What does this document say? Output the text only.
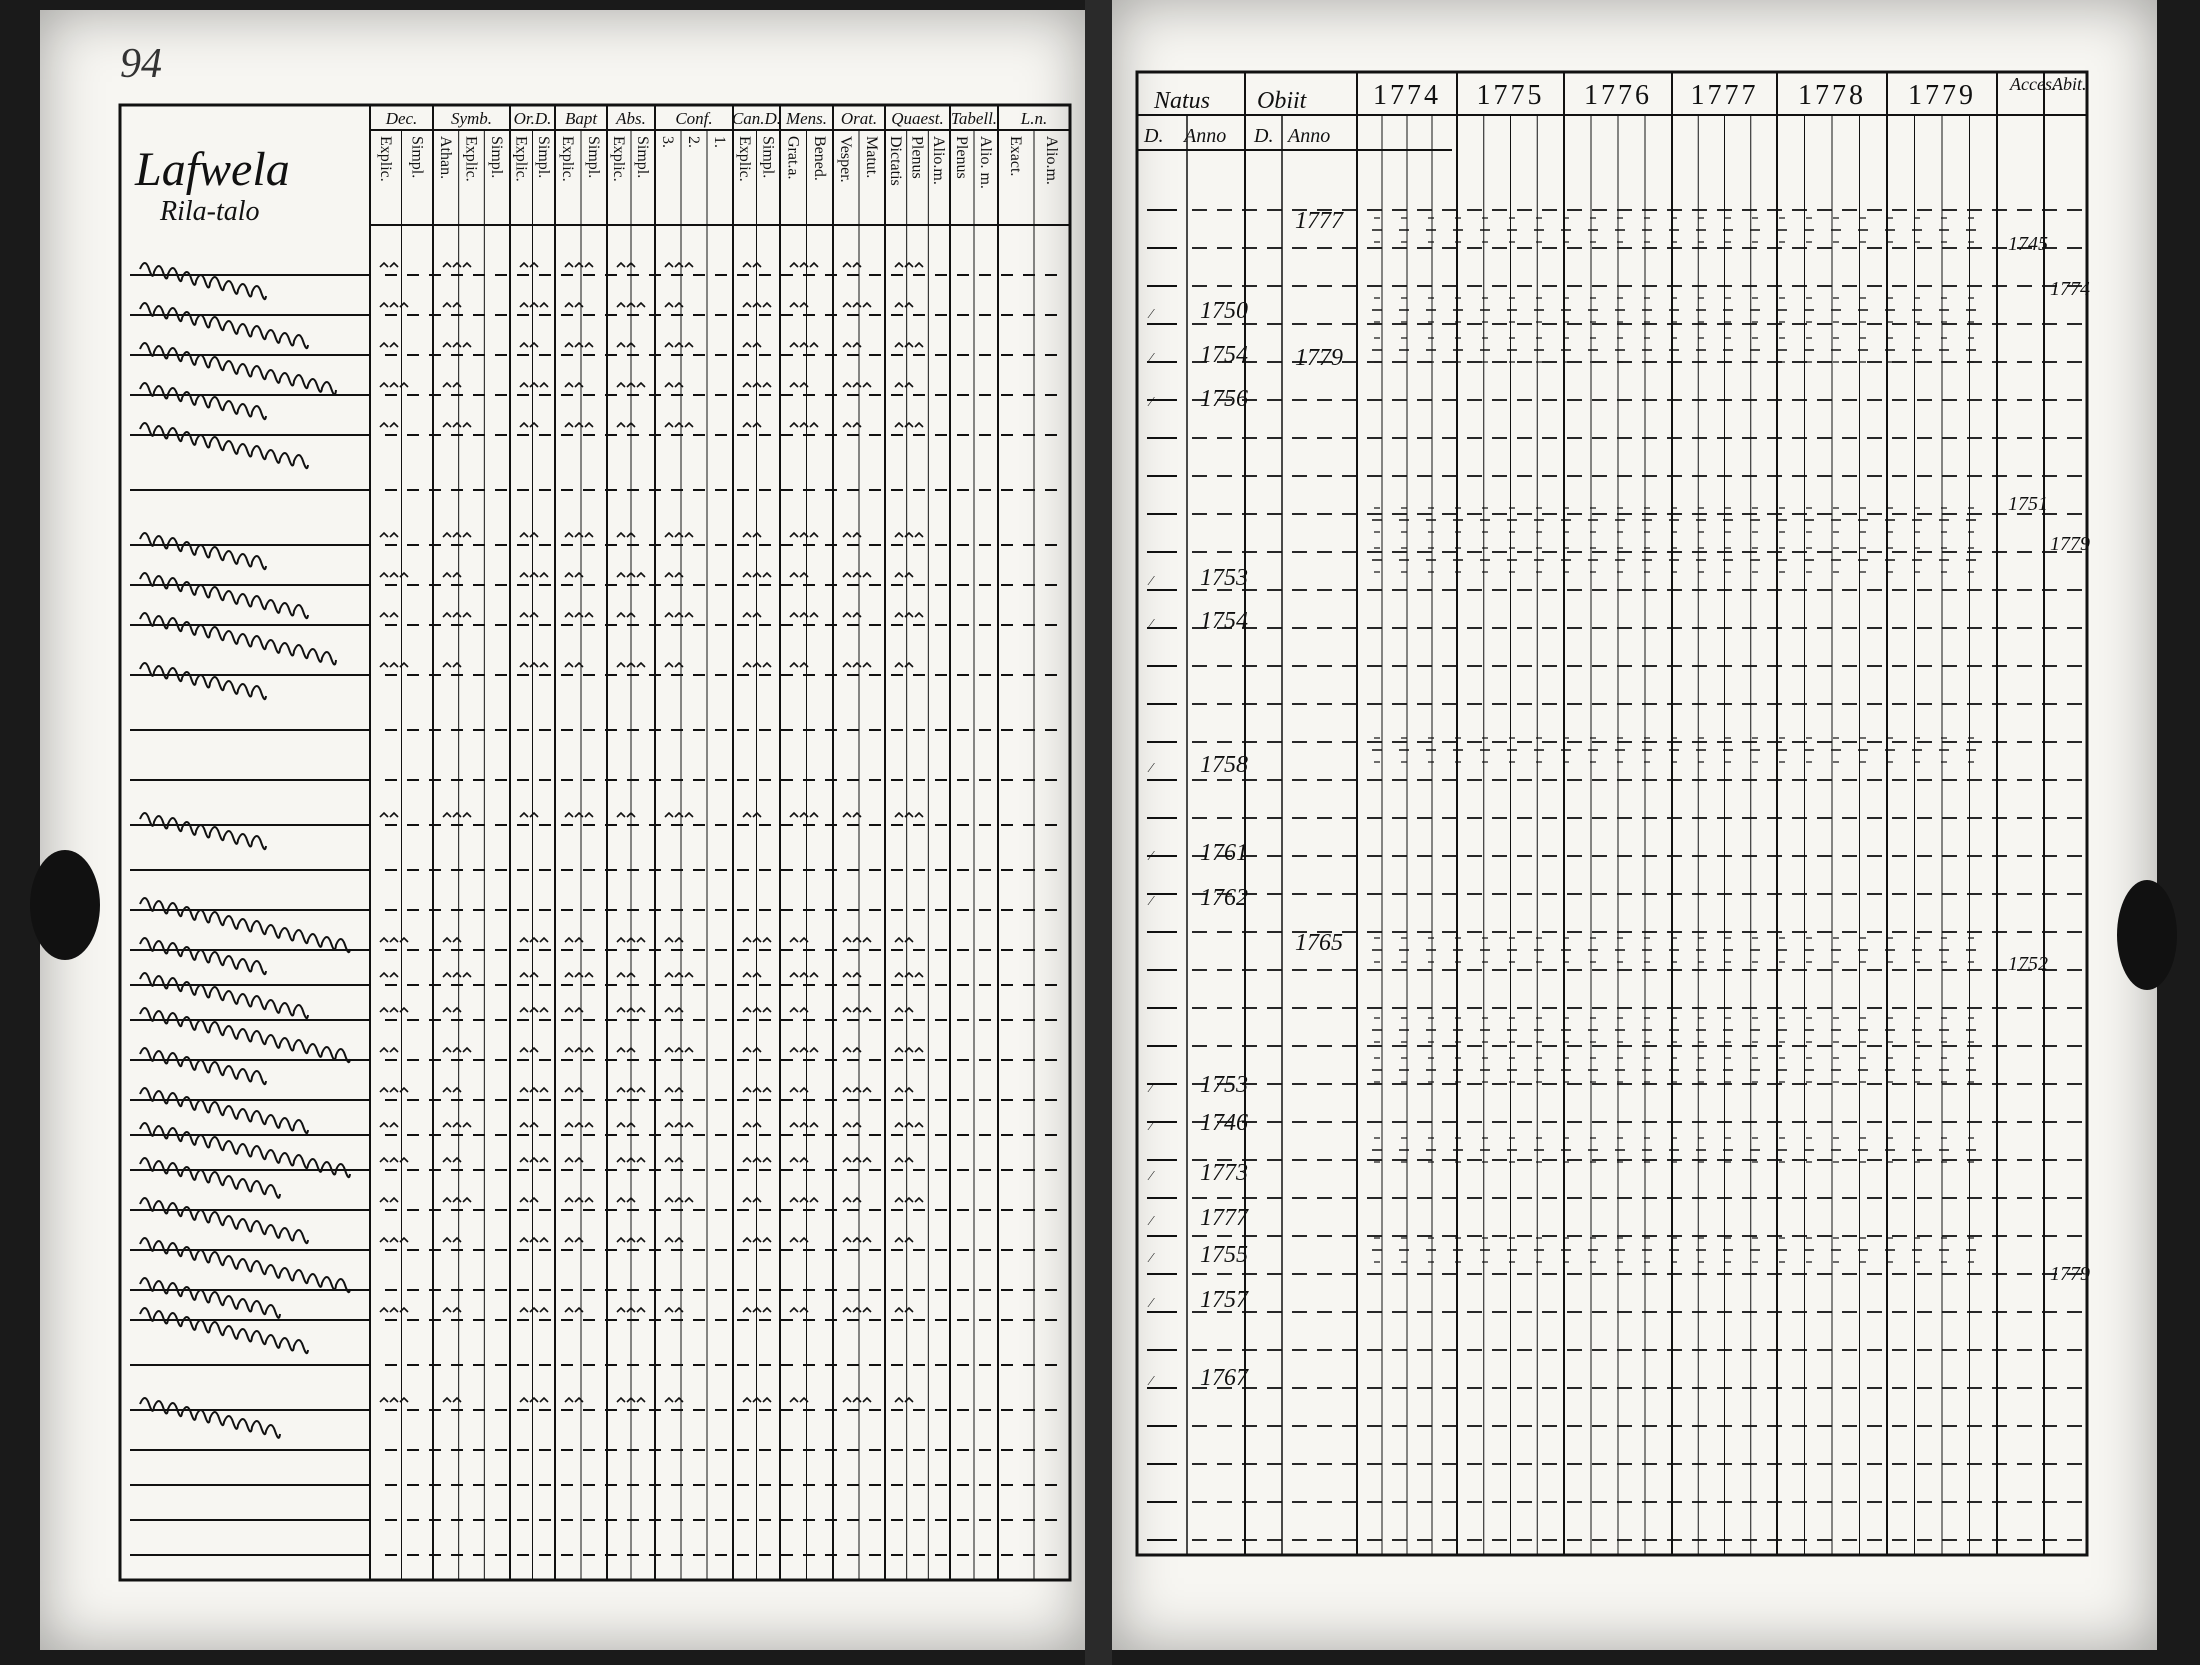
94
Dec.
Explic. Simpl.
Symb.
Athan. Explic. Simpl.
Or.D.
Explic. Simpl.
Bapt
Explic. Simpl.
Abs.
Explic. Simpl.
Conf.
3. 2. 1.
Can.D.
Explic. Simpl.
Mens.
Grat.a. Bened.
Orat.
Vesper. Matut.
Quaest.
Dictatis Plenus Alio.m.
Tabell.
Plenus Alio. m.
L.n.
Exact. Alio.m.
Lafwela
Rila-talo
Natus Obiit
D. Anno D. Anno
1774 1775 1776 1777 1778 1779 Acces.
Abit.
1750
⁄
1754
⁄
1756
⁄
1753
⁄
1754
⁄
1758
⁄
1761
⁄
1762
⁄
1753
⁄
1746
⁄
1773
⁄
1777
⁄
1755
⁄
1757
⁄
1767
⁄
1777
1779
1765
1745
1751
1752
1774
1779
1779
